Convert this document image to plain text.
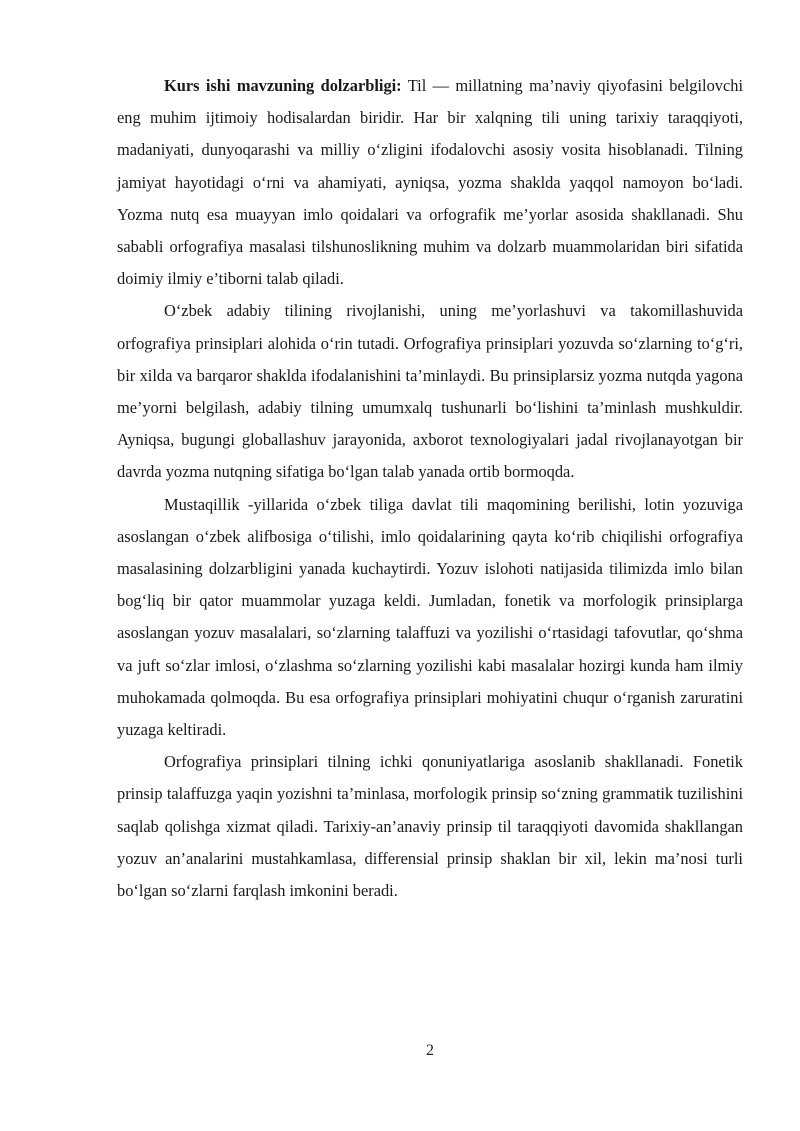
Kurs ishi mavzuning dolzarbligi: Til — millatning ma’naviy qiyofasini belgilovchi eng muhim ijtimoiy hodisalardan biridir. Har bir xalqning tili uning tarixiy taraqqiyoti, madaniyati, dunyoqarashi va milliy o‘zligini ifodalovchi asosiy vosita hisoblanadi. Tilning jamiyat hayotidagi o‘rni va ahamiyati, ayniqsa, yozma shaklda yaqqol namoyon bo‘ladi. Yozma nutq esa muayyan imlo qoidalari va orfografik me’yorlar asosida shakllanadi. Shu sababli orfografiya masalasi tilshunoslikning muhim va dolzarb muammolaridan biri sifatida doimiy ilmiy e’tiborni talab qiladi.

O‘zbek adabiy tilining rivojlanishi, uning me’yorlashuvi va takomillashuvida orfografiya prinsiplari alohida o‘rin tutadi. Orfografiya prinsiplari yozuvda so‘zlarning to‘g‘ri, bir xilda va barqaror shaklda ifodalanishini ta’minlaydi. Bu prinsiplarsiz yozma nutqda yagona me’yorni belgilash, adabiy tilning umumxalq tushunarli bo‘lishini ta’minlash mushkuldir. Ayniqsa, bugungi globallashuv jarayonida, axborot texnologiyalari jadal rivojlanayotgan bir davrda yozma nutqning sifatiga bo‘lgan talab yanada ortib bormoqda.

Mustaqillik -yillarida o‘zbek tiliga davlat tili maqomining berilishi, lotin yozuviga asoslangan o‘zbek alifbosiga o‘tilishi, imlo qoidalarining qayta ko‘rib chiqilishi orfografiya masalasining dolzarbligini yanada kuchaytirdi. Yozuv islohoti natijasida tilimizda imlo bilan bog‘liq bir qator muammolar yuzaga keldi. Jumladan, fonetik va morfologik prinsiplarga asoslangan yozuv masalalari, so‘zlarning talaffuzi va yozilishi o‘rtasidagi tafovutlar, qo‘shma va juft so‘zlar imlosi, o‘zlashma so‘zlarning yozilishi kabi masalalar hozirgi kunda ham ilmiy muhokamada qolmoqda. Bu esa orfografiya prinsiplari mohiyatini chuqur o‘rganish zaruratini yuzaga keltiradi.

Orfografiya prinsiplari tilning ichki qonuniyatlariga asoslanib shakllanadi. Fonetik prinsip talaffuzga yaqin yozishni ta’minlasa, morfologik prinsip so‘zning grammatik tuzilishini saqlab qolishga xizmat qiladi. Tarixiy-an’anaviy prinsip til taraqqiyoti davomida shakllangan yozuv an’analarini mustahkamlasa, differensial prinsip shaklan bir xil, lekin ma’nosi turli bo‘lgan so‘zlarni farqlash imkonini beradi.

2
